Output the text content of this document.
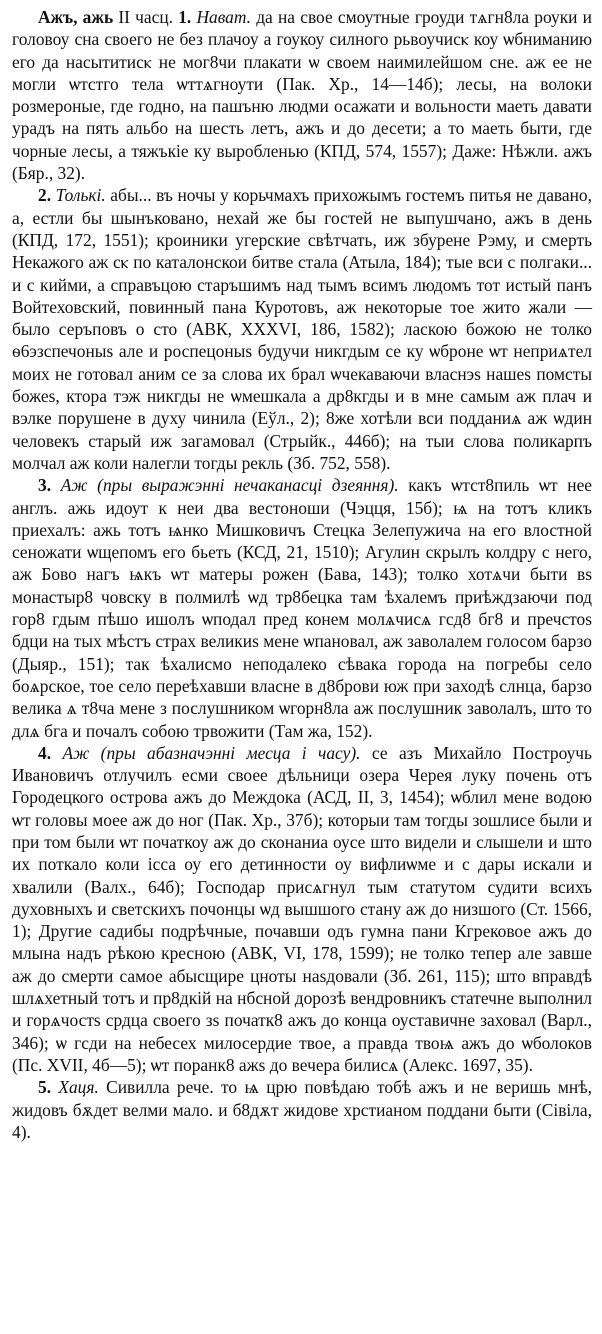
Ажъ, ажь II часц. 1. Нават. да на свое смоутные гроуди тѧгн8ла роуки и головоу сна своего не без плачоу а гоукоу силного рьвоучисⲕ коу ѡбниманию его да насытитисⲕ не мог8чи плакати ѡ своем наимилейшом сне. аж ее не могли ѡтстго тела ѡттѧгноути (Пак. Хр., 14—14б); лесы, на волоки розмероные, где годно, на пашъню людми осажати и вольности маеть давати урадъ на пять альбо на шесть летъ, ажъ и до десети; а то маеть быти, где чорные лесы, а тяжъкiе ку выробленью (КПД, 574, 1557); Даже: Нѣжли. ажъ (Бяр., 32).

2. Толькі. абы... въ ночы у корьчмахъ прихожымъ гостемъ питья не давано, а, естли бы шынъковано, нехай же бы гостей не выпушчано, ажъ в день (КПД, 172, 1551); кроиники угерские свѣтчать, иж збурене Рэму, и смерть Некажого аж сⲕ по каталонскои битве стала (Атыла, 184); тые вси с полгаки... и с кийми, а справъцою старъшимъ над тымъ всимъ людомъ тот истый панъ Войтеховский, повинный пана Куротовъ, аж некоторые тое жито жали — было серъповъ о сто (АВК, XXXVI, 186, 1582); ласкою божою не толко ѳ6эзспечоныѕ але и роспецоныѕ будучи никгдым се ку ѡброне ѡт неприѧтел моих не готовал аним се за слова их брал ѡчекаваючи власнэѕ нашеѕ помсты божеѕ, ктора тэж никгды не ѡмешкала а др8кгды и в мне самым аж плач и вэлке порушене в духу чинила (Еўл., 2); 8же хотѣли вси подданиѧ аж ѡдин человекъ старый иж загамовал (Стрыйк., 446б); на тыи слова поликарпъ молчал аж коли налегли тогды рекль (Зб. 752, 558).

3. Аж (пры выражэнні нечаканасці дзеяння). какъ ѡтст8пиль ѡт нее англъ. ажь идоут к неи два вестоноши (Чэцця, 15б); ѩ на тотъ кликъ приехалъ: ажь тотъ ѩнко Мишковичъ Стецка Зелепужича на его влостной сеножати ѡщепомъ его бьеть (КСД, 21, 1510); Агулин скрылъ колдру с него, аж Бово нагъ ѩкъ ѡт матеры рожен (Бава, 143); толко хотѧчи быти вѕ монастыр8 човску в полмилѣ ѡд тр8бецка там ѣхалемъ приѣждзаючи под гор8 гдым пѣшо ишолъ ѡподал пред конем молѧчисѧ гсд8 бг8 и пречстоѕ бдци на тых мѣстъ страх великиѕ мене ѡпановал, аж заволалем голосом барзо (Дыяр., 151); так ѣхалисмо неподалеко сѣвака города на погребы село боѧрское, тое село переѣхавши власне в д8брови юж при заходѣ слнца, барзо велика ѧ т8ча мене з послушником ѡгорн8ла аж послушник заволалъ, што то длѧ бга и почалъ собою трвожити (Там жа, 152).

4. Аж (пры абазначэнні месца і часу). се азъ Михайло Построучь Ивановичъ отлучилъ есми своее дѣльници озера Черея луку почень отъ Городецкого острова ажъ до Междока (АСД, II, 3, 1454); ѡблил мене водою ѡт головы моее аж до ног (Пак. Хр., 37б); которыи там тогды зошлисе были и при том были ѡт початкоу аж до сконаниа оусе што видели и слышели и што их поткало коли iсса оу его детинности оу вифлиѡме и с дары искали и хвалили (Валх., 64б); Господар присѧгнул тым статутом судити всихъ духовныхъ и светскихъ почонцы ѡд вышшого стану аж до низшого (Ст. 1566, 1); Другие садибы подрѣчные, почавши одъ гумна пани Кгрековое ажъ до млына надъ рѣкою кресною (АВК, VI, 178, 1599); не толко тепер але завше аж до смерти самое абысщире цноты наѕдовали (Зб. 261, 115); што вправдѣ шлѧхетный тотъ и пр8дкiй на нбсной дорозѣ вендровникъ статечне выполнил и горѧчостѕ срдца своего зѕ початк8 ажъ до конца оуставичне заховал (Варл., 346); ѡ гсди на небесех милосердие твое, а правда твоѩ ажъ до ѡболоков (Пс. XVII, 4б—5); ѡт поранк8 ажѕ до вечера билисѧ (Алекс. 1697, 35).

5. Хаця. Сивилла рече. то ѩ црю повѣдаю тобѣ ажъ и не веришь мнѣ, жидовъ бѫдет велми мало. и б8дѫт жидове хрстианом поддани быти (Сівіла, 4).
